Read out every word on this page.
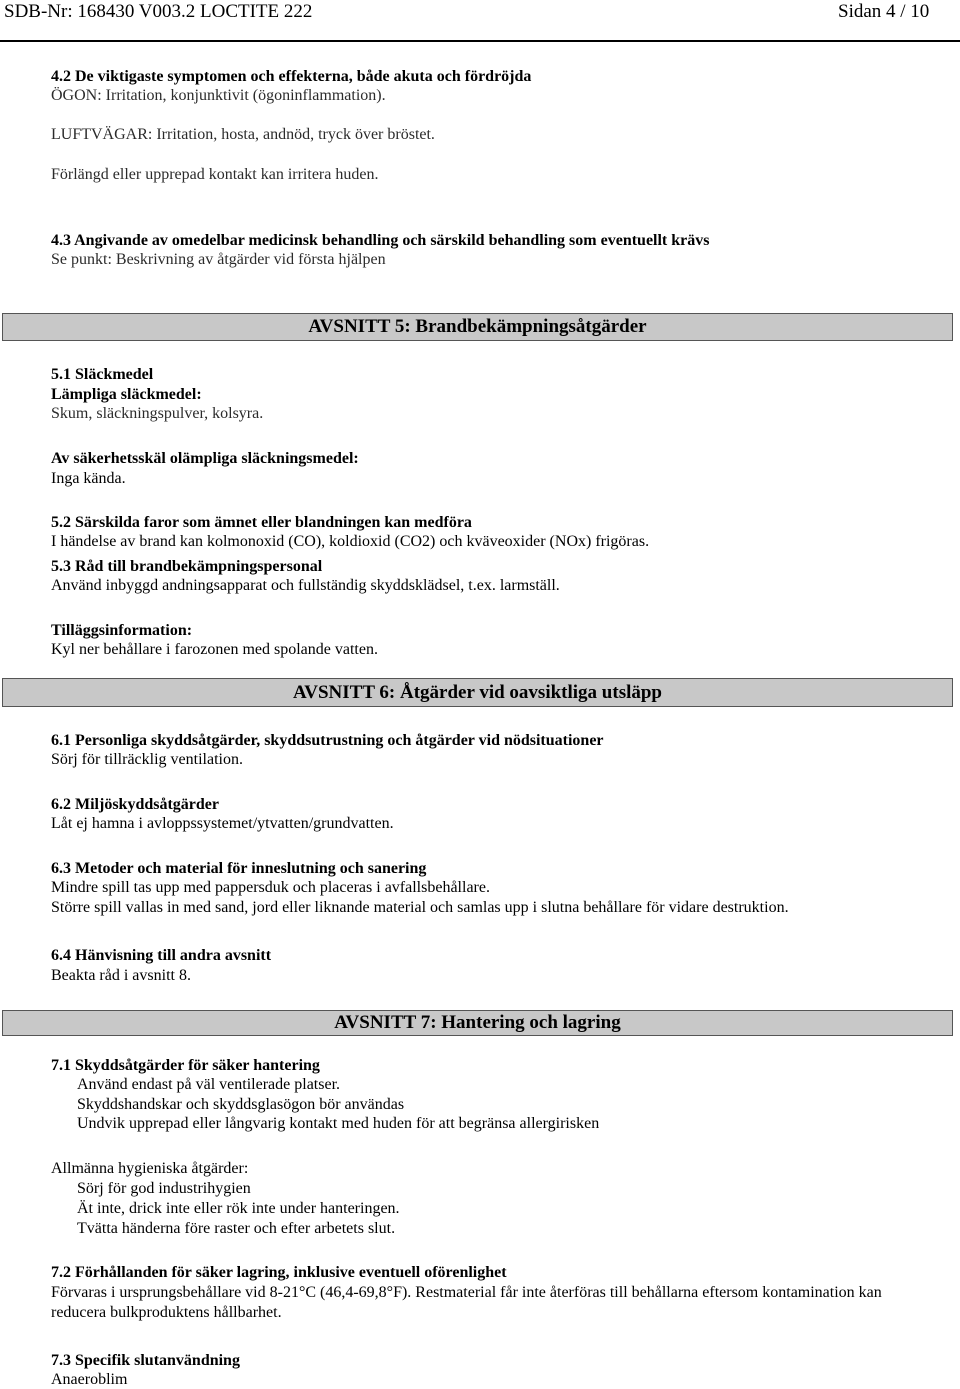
SDB-Nr: 168430 V003.2 LOCTITE 222	Sidan 4 / 10
4.2 De viktigaste symptomen och effekterna, både akuta och fördröjda
ÖGON: Irritation, konjunktivit (ögoninflammation).
LUFTVÄGAR: Irritation, hosta, andnöd, tryck över bröstet.
Förlängd eller upprepad kontakt kan irritera huden.
4.3 Angivande av omedelbar medicinsk behandling och särskild behandling som eventuellt krävs
Se punkt: Beskrivning av åtgärder vid första hjälpen
AVSNITT 5: Brandbekämpningsåtgärder
5.1 Släckmedel
Lämpliga släckmedel:
Skum, släckningspulver, kolsyra.
Av säkerhetsskäl olämpliga släckningsmedel:
Inga kända.
5.2 Särskilda faror som ämnet eller blandningen kan medföra
I händelse av brand kan kolmonoxid (CO), koldioxid (CO2) och kväveoxider (NOx) frigöras.
5.3 Råd till brandbekämpningspersonal
Använd inbyggd andningsapparat och fullständig skyddsklädsel, t.ex. larmställ.
Tilläggsinformation:
Kyl ner behållare i farozonen med spolande vatten.
AVSNITT 6: Åtgärder vid oavsiktliga utsläpp
6.1 Personliga skyddsåtgärder, skyddsutrustning och åtgärder vid nödsituationer
Sörj för tillräcklig ventilation.
6.2 Miljöskyddsåtgärder
Låt ej hamna i avloppssystemet/ytvatten/grundvatten.
6.3 Metoder och material för inneslutning och sanering
Mindre spill tas upp med pappersduk och placeras i avfallsbehållare.
Större spill vallas in med sand, jord eller liknande material och samlas upp i slutna behållare för vidare destruktion.
6.4 Hänvisning till andra avsnitt
Beakta råd i avsnitt 8.
AVSNITT 7: Hantering och lagring
7.1 Skyddsåtgärder för säker hantering
Använd endast på väl ventilerade platser.
Skyddshandskar och skyddsglasögon bör användas
Undvik upprepad eller långvarig kontakt med huden för att begränsa allergirisken
Allmänna hygieniska åtgärder:
Sörj för god industrihygien
Ät inte, drick inte eller rök inte under hanteringen.
Tvätta händerna före raster och efter arbetets slut.
7.2 Förhållanden för säker lagring, inklusive eventuell oförenlighet
Förvaras i ursprungsbehållare vid 8-21°C (46,4-69,8°F). Restmaterial får inte återföras till behållarna eftersom kontamination kan
reducera bulkproduktens hållbarhet.
7.3 Specifik slutanvändning
Anaeroblim
